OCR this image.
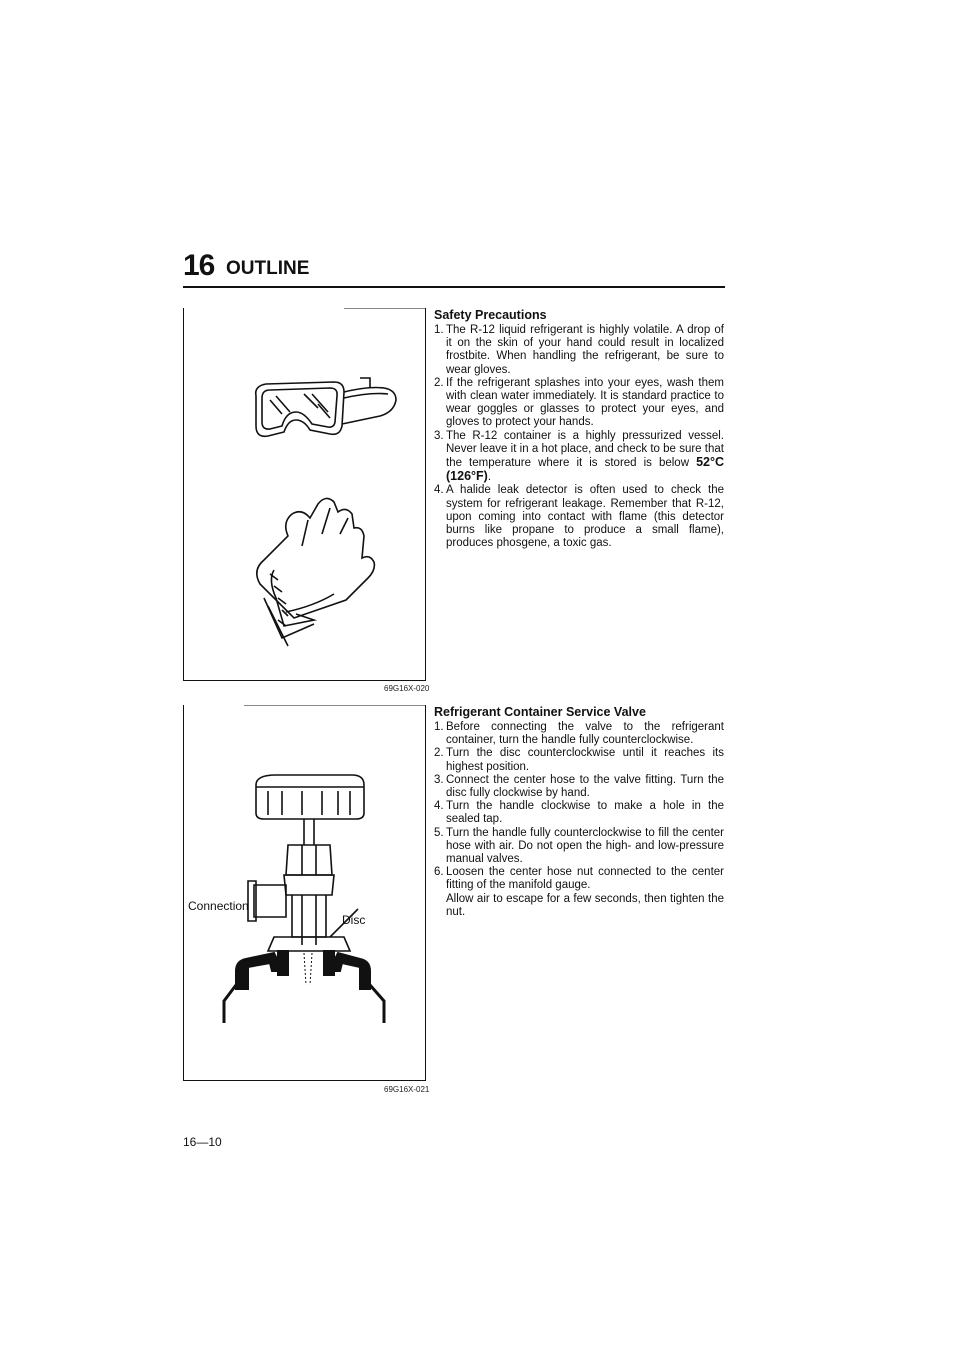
16 OUTLINE
69G16X-020
Connection
Disc
69G16X-021
Safety Precautions
1. The R-12 liquid refrigerant is highly volatile. A drop of it on the skin of your hand could result in localized frostbite. When handling the refrigerant, be sure to wear gloves.
2. If the refrigerant splashes into your eyes, wash them with clean water immediately. It is standard practice to wear goggles or glasses to protect your eyes, and gloves to protect your hands.
3. The R-12 container is a highly pressurized vessel. Never leave it in a hot place, and check to be sure that the temperature where it is stored is below 52°C (126°F).
4. A halide leak detector is often used to check the system for refrigerant leakage. Remember that R-12, upon coming into contact with flame (this detector burns like propane to produce a small flame), produces phosgene, a toxic gas.
Refrigerant Container Service Valve
1. Before connecting the valve to the refrigerant container, turn the handle fully counterclockwise.
2. Turn the disc counterclockwise until it reaches its highest position.
3. Connect the center hose to the valve fitting. Turn the disc fully clockwise by hand.
4. Turn the handle clockwise to make a hole in the sealed tap.
5. Turn the handle fully counterclockwise to fill the center hose with air. Do not open the high- and low-pressure manual valves.
6. Loosen the center hose nut connected to the center fitting of the manifold gauge.
Allow air to escape for a few seconds, then tighten the nut.
16—10
